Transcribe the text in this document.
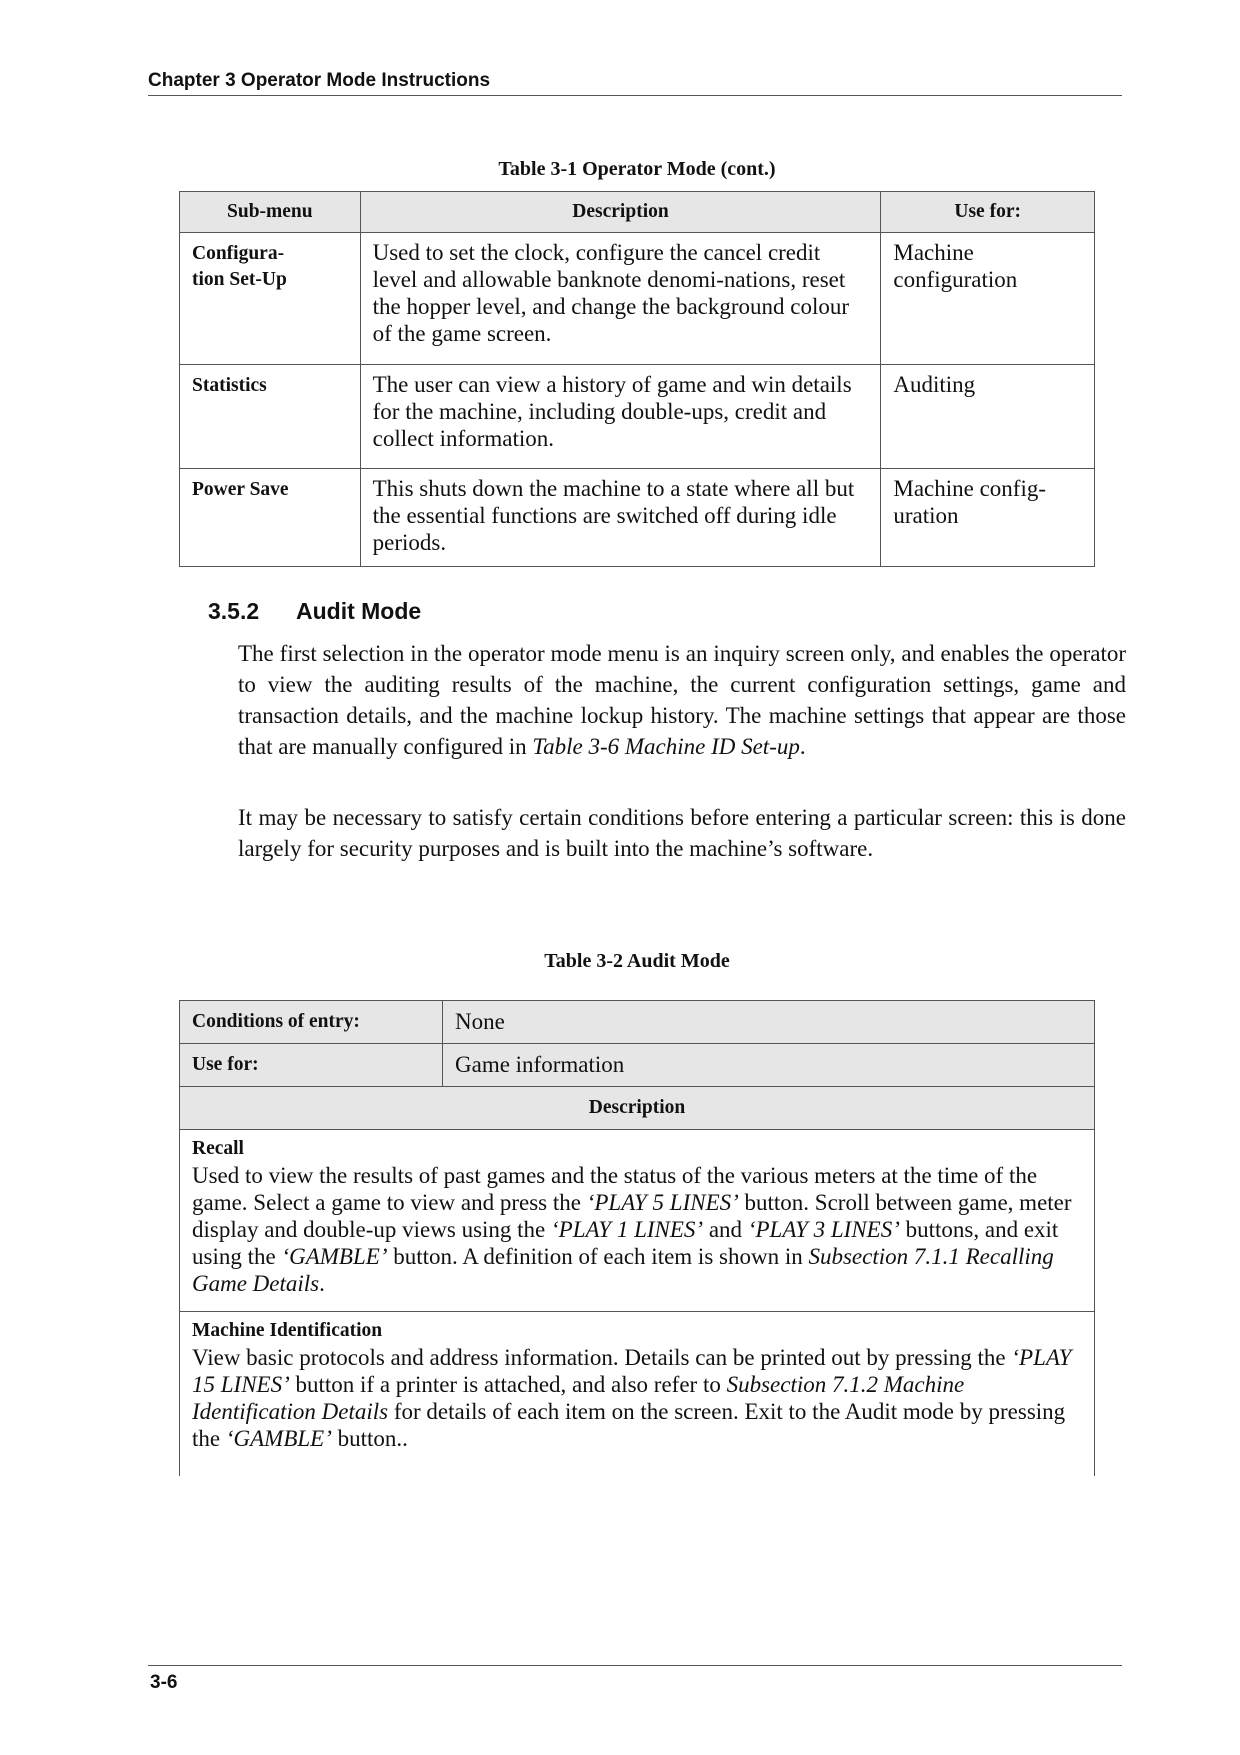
Chapter 3 Operator Mode Instructions
Table 3-1 Operator Mode (cont.)
Sub-menu	Description	Use for:
Configura-
tion Set-Up	Used to set the clock, configure the cancel credit level and allowable banknote denomi-nations, reset the hopper level, and change the background colour of the game screen.	Machine configuration
Statistics	The user can view a history of game and win details for the machine, including double-ups, credit and collect information.	Auditing
Power Save	This shuts down the machine to a state where all but the essential functions are switched off during idle periods.	Machine config-uration
3.5.2 Audit Mode
The first selection in the operator mode menu is an inquiry screen only, and enables the operator to view the auditing results of the machine, the current configuration settings, game and transaction details, and the machine lockup history. The machine settings that appear are those that are manually configured in Table 3-6 Machine ID Set-up.
It may be necessary to satisfy certain conditions before entering a particular screen: this is done largely for security purposes and is built into the machine’s software.
Table 3-2 Audit Mode
Conditions of entry:	None
Use for:	Game information
Description	

Recall
Used to view the results of past games and the status of the various meters at the time of the game. Select a game to view and press the ‘PLAY 5 LINES’ button. Scroll between game, meter display and double-up views using the ‘PLAY 1 LINES’ and ‘PLAY 3 LINES’ buttons, and exit using the ‘GAMBLE’ button. A definition of each item is shown in Subsection 7.1.1 Recalling Game Details.	

Machine Identification
View basic protocols and address information. Details can be printed out by pressing the ‘PLAY 15 LINES’ button if a printer is attached, and also refer to Subsection 7.1.2 Machine Identification Details for details of each item on the screen. Exit to the Audit mode by pressing the ‘GAMBLE’ button..	
3-6
